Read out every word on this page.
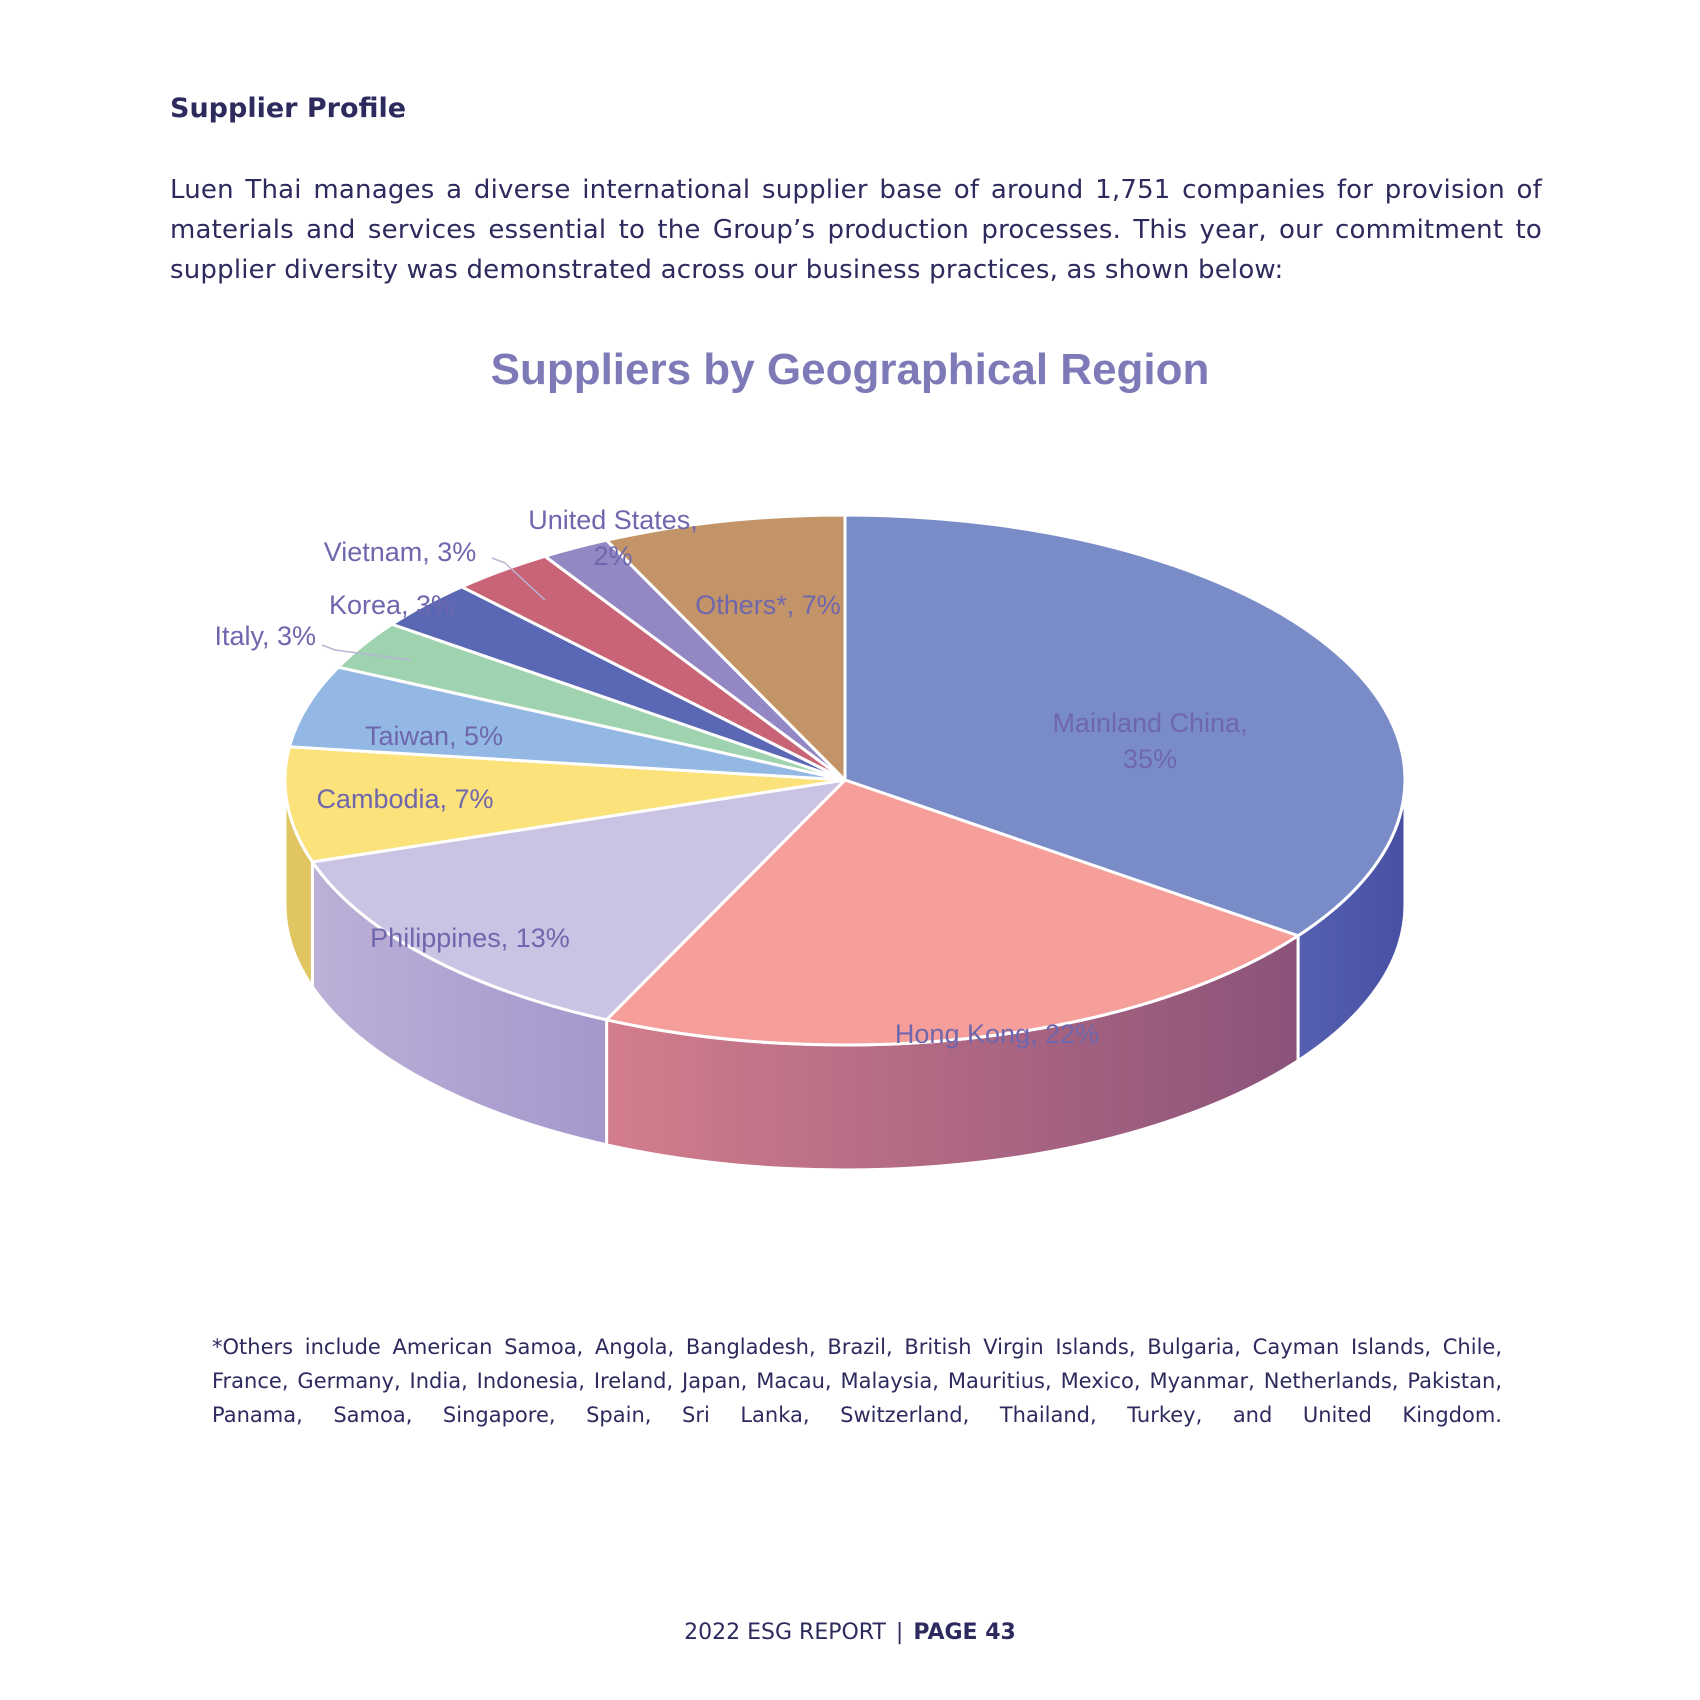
Supplier Profile

Luen Thai manages a diverse international supplier base of around 1,751 companies for provision of materials and services essential to the Group’s production processes. This year, our commitment to supplier diversity was demonstrated across our business practices, as shown below:

Suppliers by Geographical Region
Mainland China, 35%
Hong Kong, 22%
Philippines, 13%
Cambodia, 7%
Taiwan, 5%
Italy, 3%
Korea, 3%
Vietnam, 3%
United States, 2%
Others*, 7%

*Others include American Samoa, Angola, Bangladesh, Brazil, British Virgin Islands, Bulgaria, Cayman Islands, Chile, France, Germany, India, Indonesia, Ireland, Japan, Macau, Malaysia, Mauritius, Mexico, Myanmar, Netherlands, Pakistan, Panama, Samoa, Singapore, Spain, Sri Lanka, Switzerland, Thailand, Turkey, and United Kingdom.

2022 ESG REPORT | PAGE 43
